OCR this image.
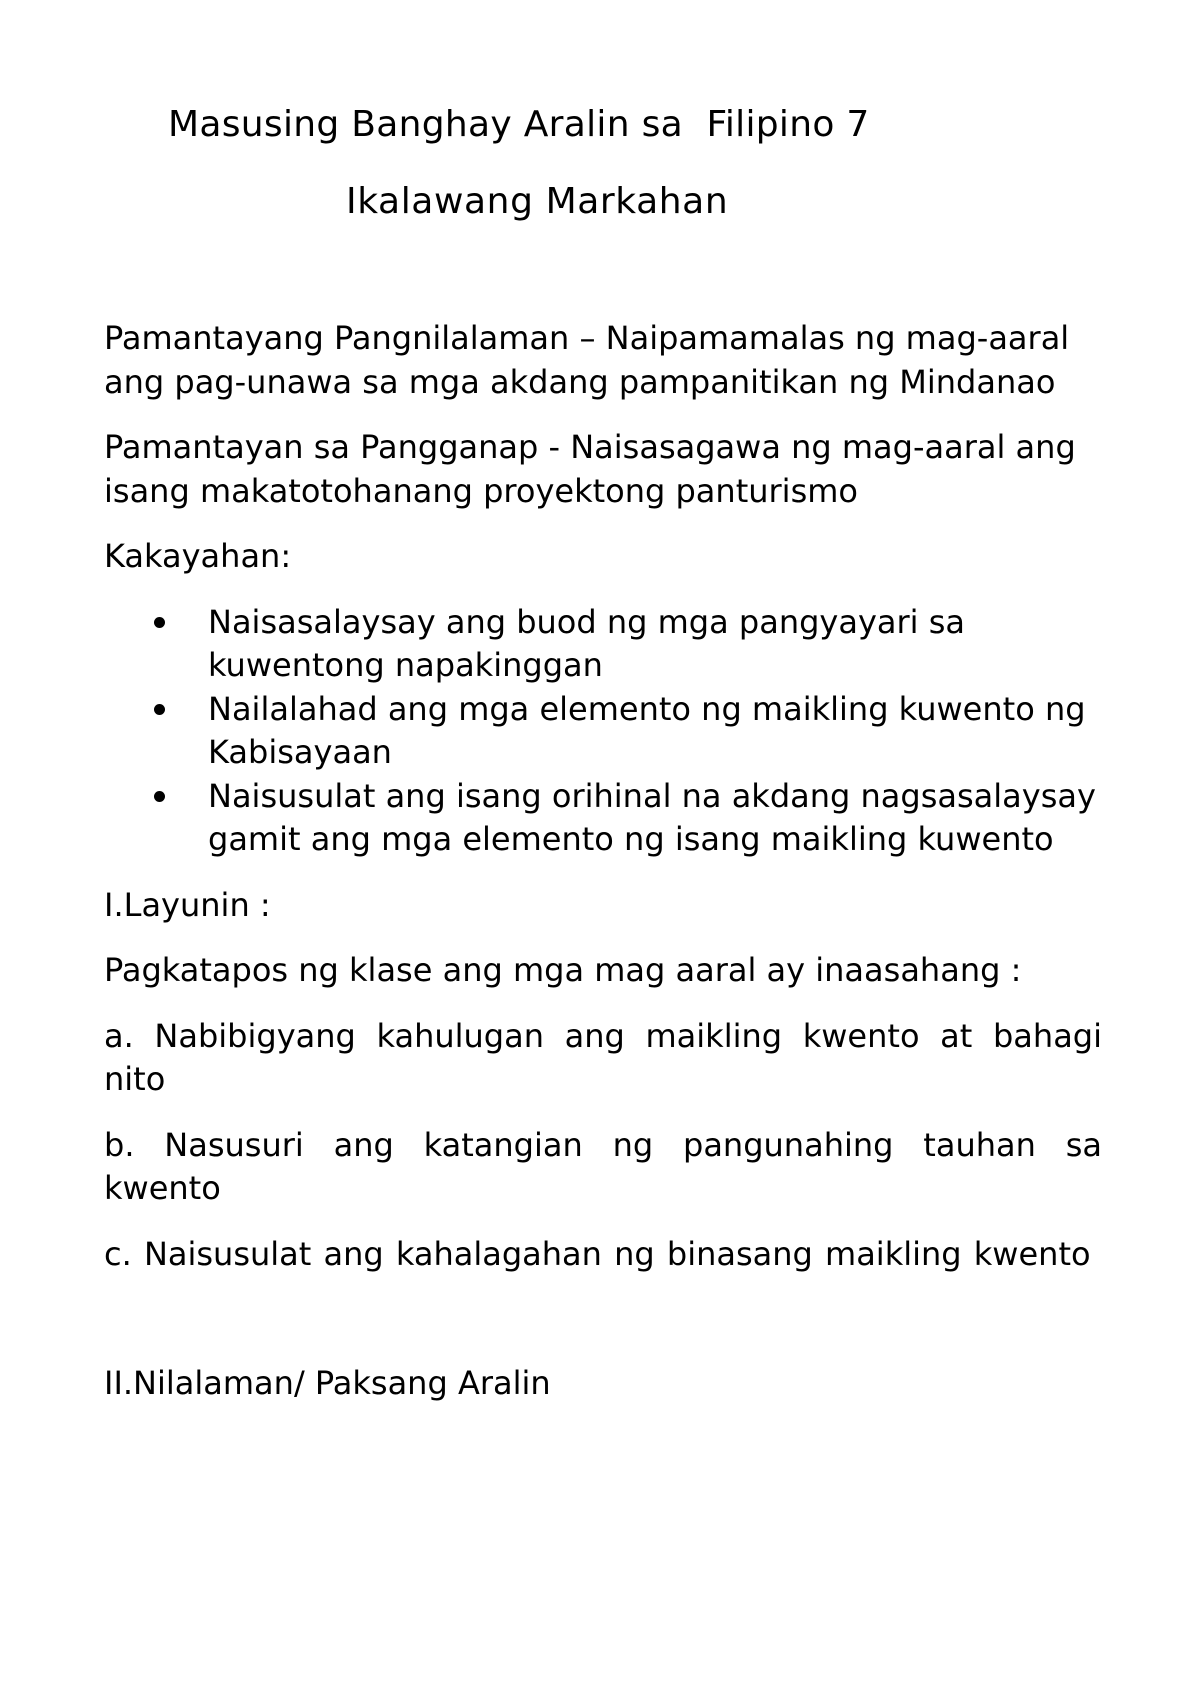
Masusing Banghay Aralin sa  Filipino 7
Ikalawang Markahan

Pamantayang Pangnilalaman – Naipamamalas ng mag-aaral ang pag-unawa sa mga akdang pampanitikan ng Mindanao

Pamantayan sa Pangganap - Naisasagawa ng mag-aaral ang isang makatotohanang proyektong panturismo

Kakayahan:

Naisasalaysay ang buod ng mga pangyayari sa kuwentong napakinggan
Nailalahad ang mga elemento ng maikling kuwento ng Kabisayaan
Naisusulat ang isang orihinal na akdang nagsasalaysay gamit ang mga elemento ng isang maikling kuwento

I.Layunin :

Pagkatapos ng klase ang mga mag aaral ay inaasahang :

a. Nabibigyang kahulugan ang maikling kwento at bahagi nito

b. Nasusuri ang katangian ng pangunahing tauhan sa kwento

c. Naisusulat ang kahalagahan ng binasang maikling kwento

II.Nilalaman/ Paksang Aralin
